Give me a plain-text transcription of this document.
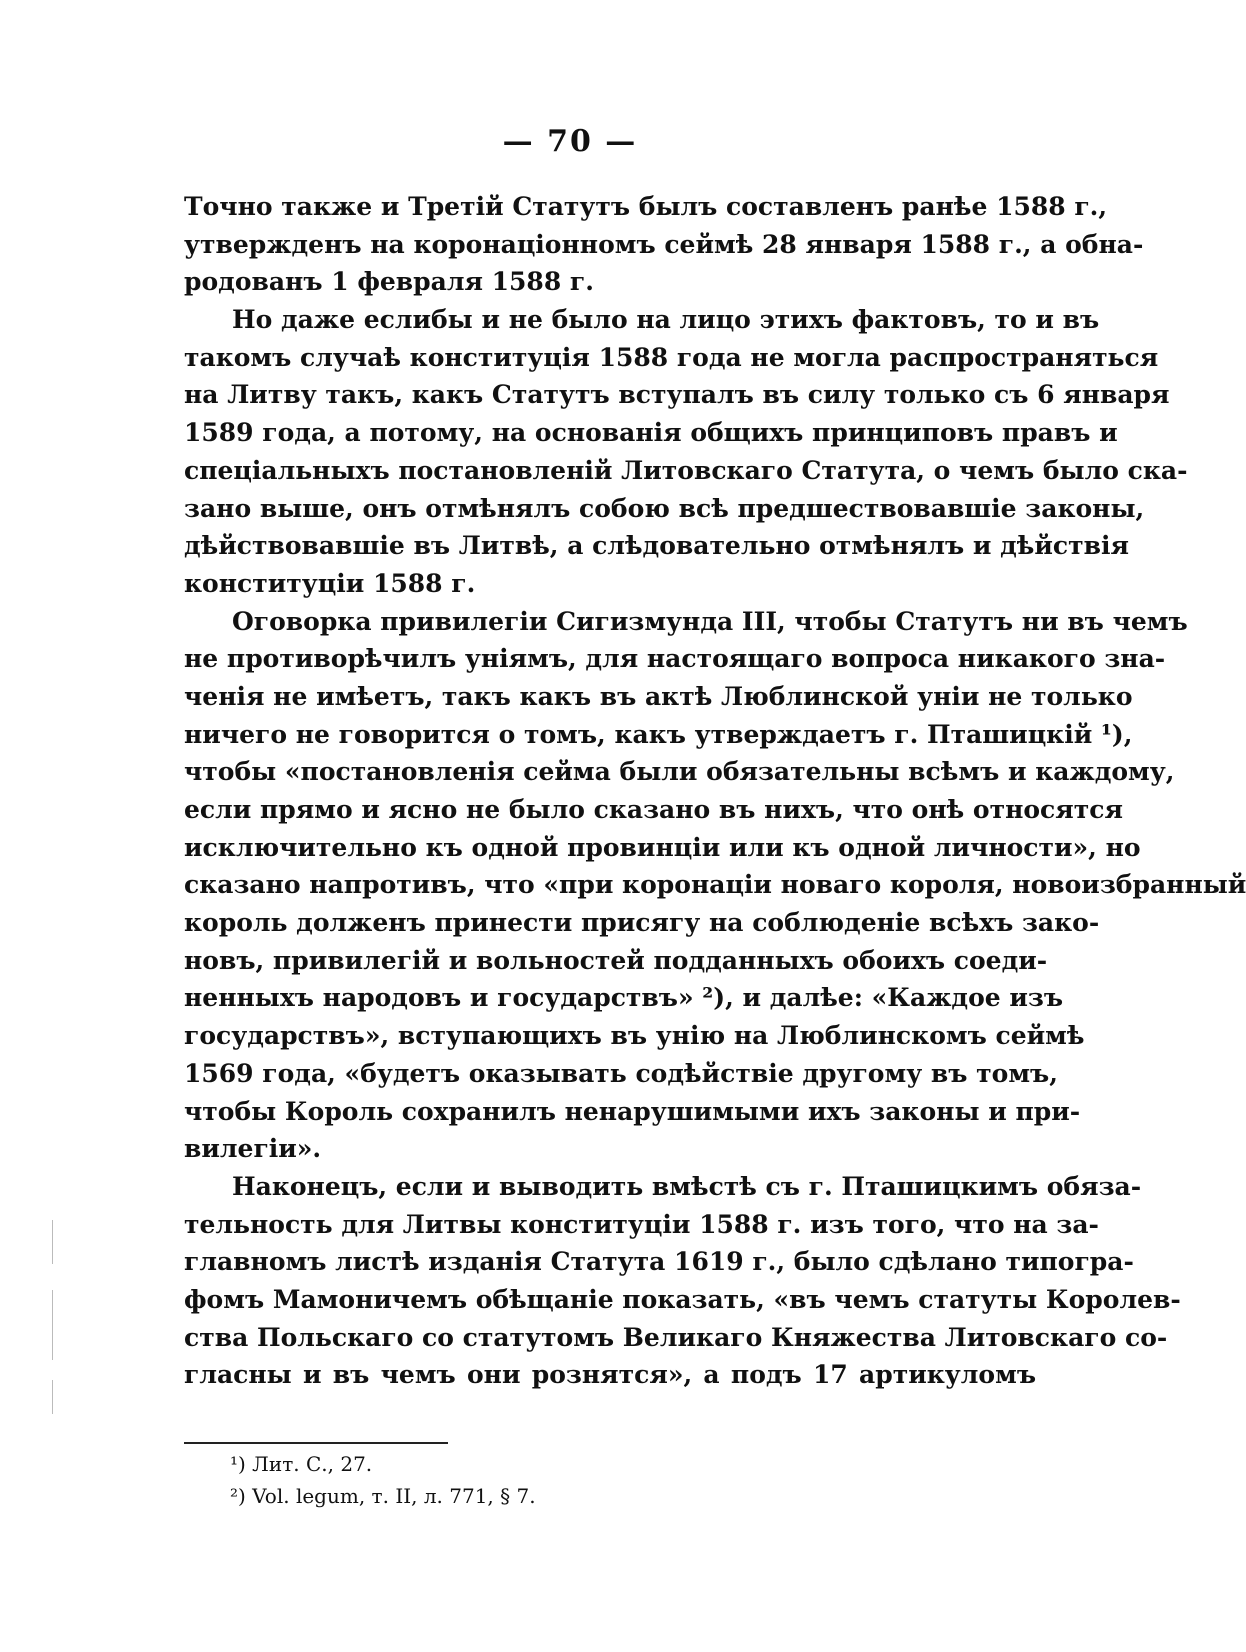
— 70 —
Точно также и Третій Статутъ былъ составленъ ранѣе 1588 г.,
утвержденъ на коронаціонномъ сеймѣ 28 января 1588 г., а обна-
родованъ 1 февраля 1588 г.
Но даже еслибы и не было на лицо этихъ фактовъ, то и въ
такомъ случаѣ конституція 1588 года не могла распространяться
на Литву такъ, какъ Статутъ вступалъ въ силу только съ 6 января
1589 года, а потому, на основанія общихъ принциповъ правъ и
спеціальныхъ постановленій Литовскаго Статута, о чемъ было ска-
зано выше, онъ отмѣнялъ собою всѣ предшествовавшіе законы,
дѣйствовавшіе въ Литвѣ, а слѣдовательно отмѣнялъ и дѣйствія
конституціи 1588 г.
Оговорка привилегіи Сигизмунда III, чтобы Статутъ ни въ чемъ
не противорѣчилъ уніямъ, для настоящаго вопроса никакого зна-
ченія не имѣетъ, такъ какъ въ актѣ Люблинской уніи не только
ничего не говорится о томъ, какъ утверждаетъ г. Пташицкій ¹),
чтобы «постановленія сейма были обязательны всѣмъ и каждому,
если прямо и ясно не было сказано въ нихъ, что онѣ относятся
исключительно къ одной провинціи или къ одной личности», но
сказано напротивъ, что «при коронаціи новаго короля, новоизбранный
король долженъ принести присягу на соблюденіе всѣхъ зако-
новъ, привилегій и вольностей подданныхъ обоихъ соеди-
ненныхъ народовъ и государствъ» ²), и далѣе: «Каждое изъ
государствъ», вступающихъ въ унію на Люблинскомъ сеймѣ
1569 года, «будетъ оказывать содѣйствіе другому въ томъ,
чтобы Король сохранилъ ненарушимыми ихъ законы и при-
вилегіи».
Наконецъ, если и выводить вмѣстѣ съ г. Пташицкимъ обяза-
тельность для Литвы конституціи 1588 г. изъ того, что на за-
главномъ листѣ изданія Статута 1619 г., было сдѣлано типогра-
фомъ Мамоничемъ обѣщаніе показать, «въ чемъ статуты Королев-
ства Польскаго со статутомъ Великаго Княжества Литовскаго со-
гласны и въ чемъ они рознятся», а подъ 17 артикуломъ
¹) Лит. С., 27.
²) Vol. legum, т. II, л. 771, § 7.
